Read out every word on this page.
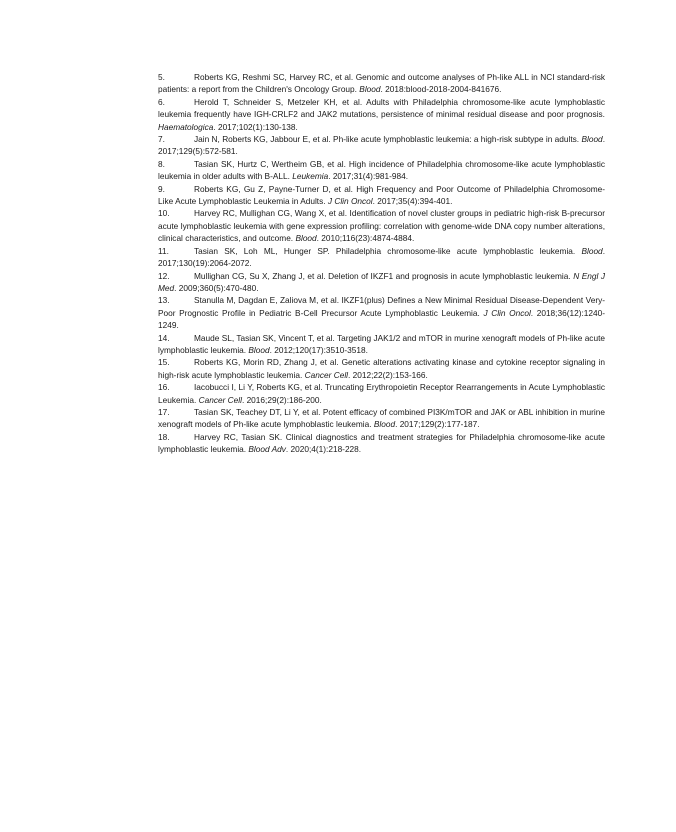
5.	Roberts KG, Reshmi SC, Harvey RC, et al. Genomic and outcome analyses of Ph-like ALL in NCI standard-risk patients: a report from the Children's Oncology Group. Blood. 2018:blood-2018-2004-841676.

6.	Herold T, Schneider S, Metzeler KH, et al. Adults with Philadelphia chromosome-like acute lymphoblastic leukemia frequently have IGH-CRLF2 and JAK2 mutations, persistence of minimal residual disease and poor prognosis. Haematologica. 2017;102(1):130-138.

7.	Jain N, Roberts KG, Jabbour E, et al. Ph-like acute lymphoblastic leukemia: a high-risk subtype in adults. Blood. 2017;129(5):572-581.

8.	Tasian SK, Hurtz C, Wertheim GB, et al. High incidence of Philadelphia chromosome-like acute lymphoblastic leukemia in older adults with B-ALL. Leukemia. 2017;31(4):981-984.

9.	Roberts KG, Gu Z, Payne-Turner D, et al. High Frequency and Poor Outcome of Philadelphia Chromosome-Like Acute Lymphoblastic Leukemia in Adults. J Clin Oncol. 2017;35(4):394-401.

10.	Harvey RC, Mullighan CG, Wang X, et al. Identification of novel cluster groups in pediatric high-risk B-precursor acute lymphoblastic leukemia with gene expression profiling: correlation with genome-wide DNA copy number alterations, clinical characteristics, and outcome. Blood. 2010;116(23):4874-4884.

11.	Tasian SK, Loh ML, Hunger SP. Philadelphia chromosome-like acute lymphoblastic leukemia. Blood. 2017;130(19):2064-2072.

12.	Mullighan CG, Su X, Zhang J, et al. Deletion of IKZF1 and prognosis in acute lymphoblastic leukemia. N Engl J Med. 2009;360(5):470-480.

13.	Stanulla M, Dagdan E, Zaliova M, et al. IKZF1(plus) Defines a New Minimal Residual Disease-Dependent Very-Poor Prognostic Profile in Pediatric B-Cell Precursor Acute Lymphoblastic Leukemia. J Clin Oncol. 2018;36(12):1240-1249.

14.	Maude SL, Tasian SK, Vincent T, et al. Targeting JAK1/2 and mTOR in murine xenograft models of Ph-like acute lymphoblastic leukemia. Blood. 2012;120(17):3510-3518.

15.	Roberts KG, Morin RD, Zhang J, et al. Genetic alterations activating kinase and cytokine receptor signaling in high-risk acute lymphoblastic leukemia. Cancer Cell. 2012;22(2):153-166.

16.	Iacobucci I, Li Y, Roberts KG, et al. Truncating Erythropoietin Receptor Rearrangements in Acute Lymphoblastic Leukemia. Cancer Cell. 2016;29(2):186-200.

17.	Tasian SK, Teachey DT, Li Y, et al. Potent efficacy of combined PI3K/mTOR and JAK or ABL inhibition in murine xenograft models of Ph-like acute lymphoblastic leukemia. Blood. 2017;129(2):177-187.

18.	Harvey RC, Tasian SK. Clinical diagnostics and treatment strategies for Philadelphia chromosome-like acute lymphoblastic leukemia. Blood Adv. 2020;4(1):218-228.
